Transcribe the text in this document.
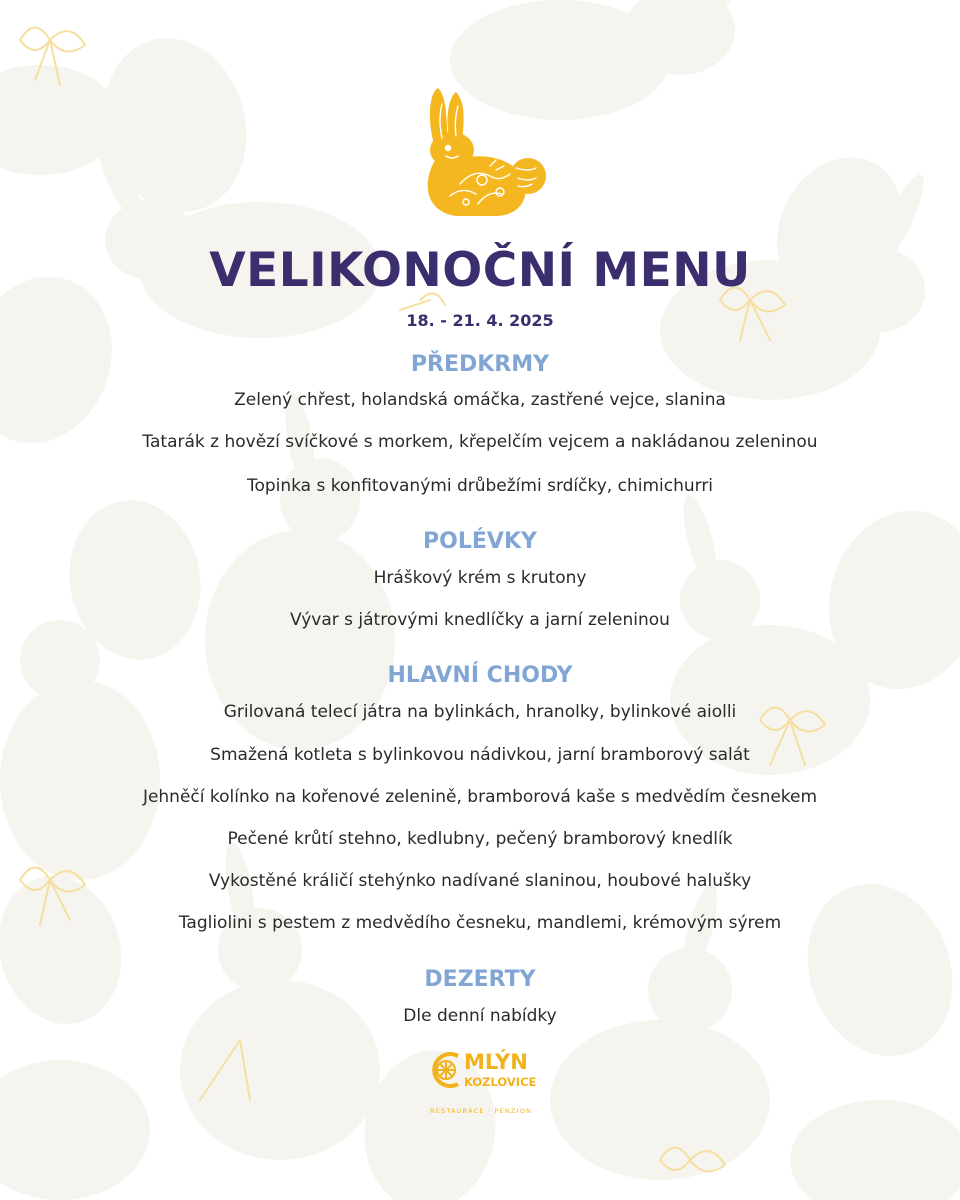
VELIKONOČNÍ MENU
18. - 21. 4. 2025
PŘEDKRMY
Zelený chřest, holandská omáčka, zastřené vejce, slanina
Tatarák z hovězí svíčkové s morkem, křepelčím vejcem a nakládanou zeleninou
Topinka s konfitovanými drůbežími srdíčky, chimichurri
POLÉVKY
Hráškový krém s krutony
Vývar s játrovými knedlíčky a jarní zeleninou
HLAVNÍ CHODY
Grilovaná telecí játra na bylinkách, hranolky, bylinkové aiolli
Smažená kotleta s bylinkovou nádivkou, jarní bramborový salát
Jehněčí kolínko na kořenové zelenině, bramborová kaše s medvědím česnekem
Pečené krůtí stehno, kedlubny, pečený bramborový knedlík
Vykostěné králičí stehýnko nadívané slaninou, houbové halušky
Tagliolini s pestem z medvědího česneku, mandlemi, krémovým sýrem
DEZERTY
Dle denní nabídky
MLÝN
KOZLOVICE
RESTAURACE · PENZION
